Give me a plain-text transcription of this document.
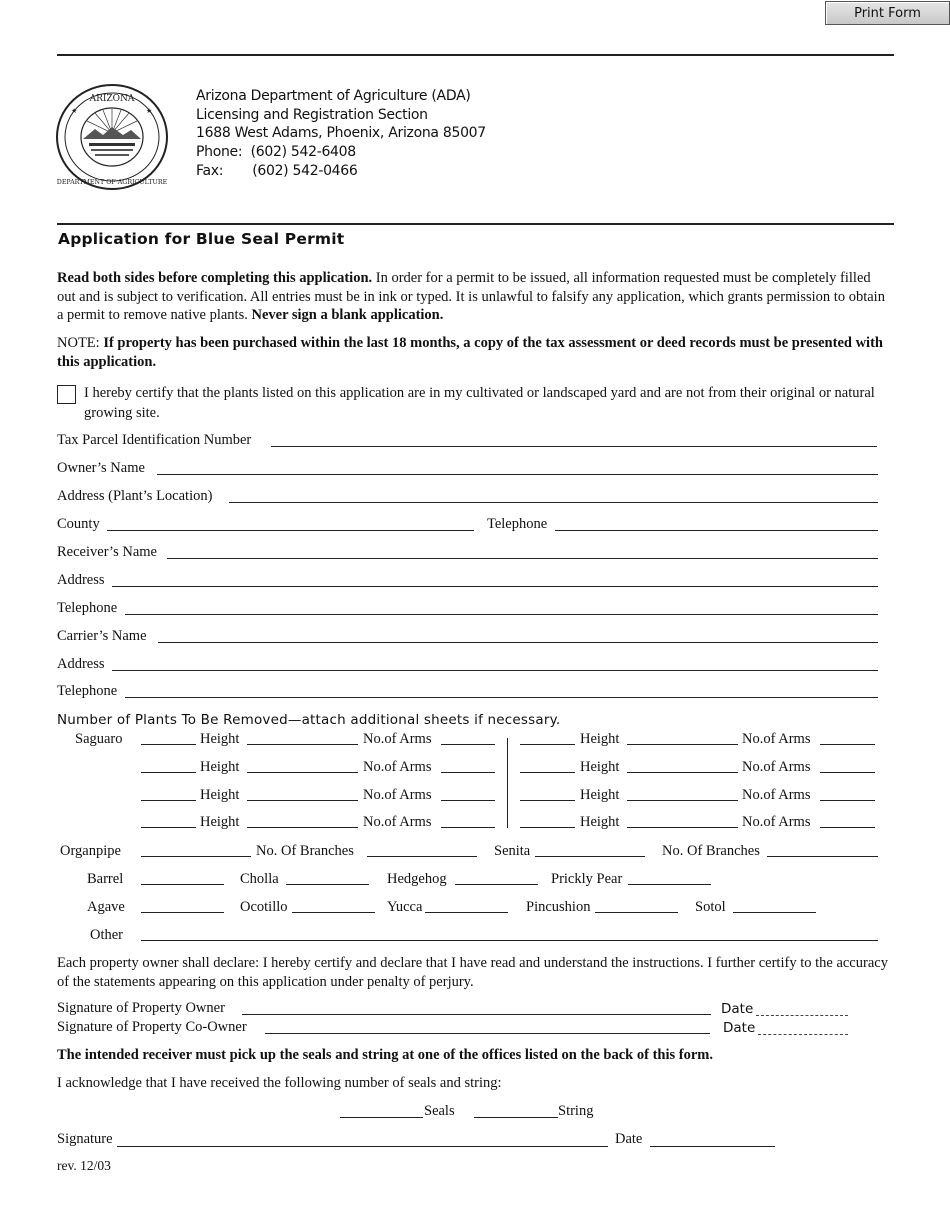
Print Form
ARIZONA
DEPARTMENT OF AGRICULTURE
★	★
Arizona Department of Agriculture (ADA)
Licensing and Registration Section
1688 West Adams, Phoenix, Arizona 85007
Phone:  (602) 542-6408
Fax:       (602) 542-0466
Application for Blue Seal Permit
Read both sides before completing this application. In order for a permit to be issued, all information requested must be completely filled out and is subject to verification. All entries must be in ink or typed. It is unlawful to falsify any application, which grants permission to obtain a permit to remove native plants. Never sign a blank application.
NOTE: If property has been purchased within the last 18 months, a copy of the tax assessment or deed records must be presented with this application.
I hereby certify that the plants listed on this application are in my cultivated or landscaped yard and are not from their original or natural growing site.
Tax Parcel Identification Number
Owner’s Name
Address (Plant’s Location)
County	Telephone
Receiver’s Name
Address
Telephone
Carrier’s Name
Address
Telephone
Number of Plants To Be Removed—attach additional sheets if necessary.
Saguaro	Height	No.of Arms	Height	No.of Arms
Height	No.of Arms	Height	No.of Arms
Height	No.of Arms	Height	No.of Arms
Height	No.of Arms	Height	No.of Arms
Organpipe	No. Of Branches	Senita	No. Of Branches
Barrel	Cholla	Hedgehog	Prickly Pear
Agave	Ocotillo	Yucca	Pincushion	Sotol
Other
Each property owner shall declare: I hereby certify and declare that I have read and understand the instructions. I further certify to the accuracy of the statements appearing on this application under penalty of perjury.
Signature of Property Owner	Date
Signature of Property Co-Owner	Date
The intended receiver must pick up the seals and string at one of the offices listed on the back of this form.
I acknowledge that I have received the following number of seals and string:
Seals	String
Signature	Date
rev. 12/03
